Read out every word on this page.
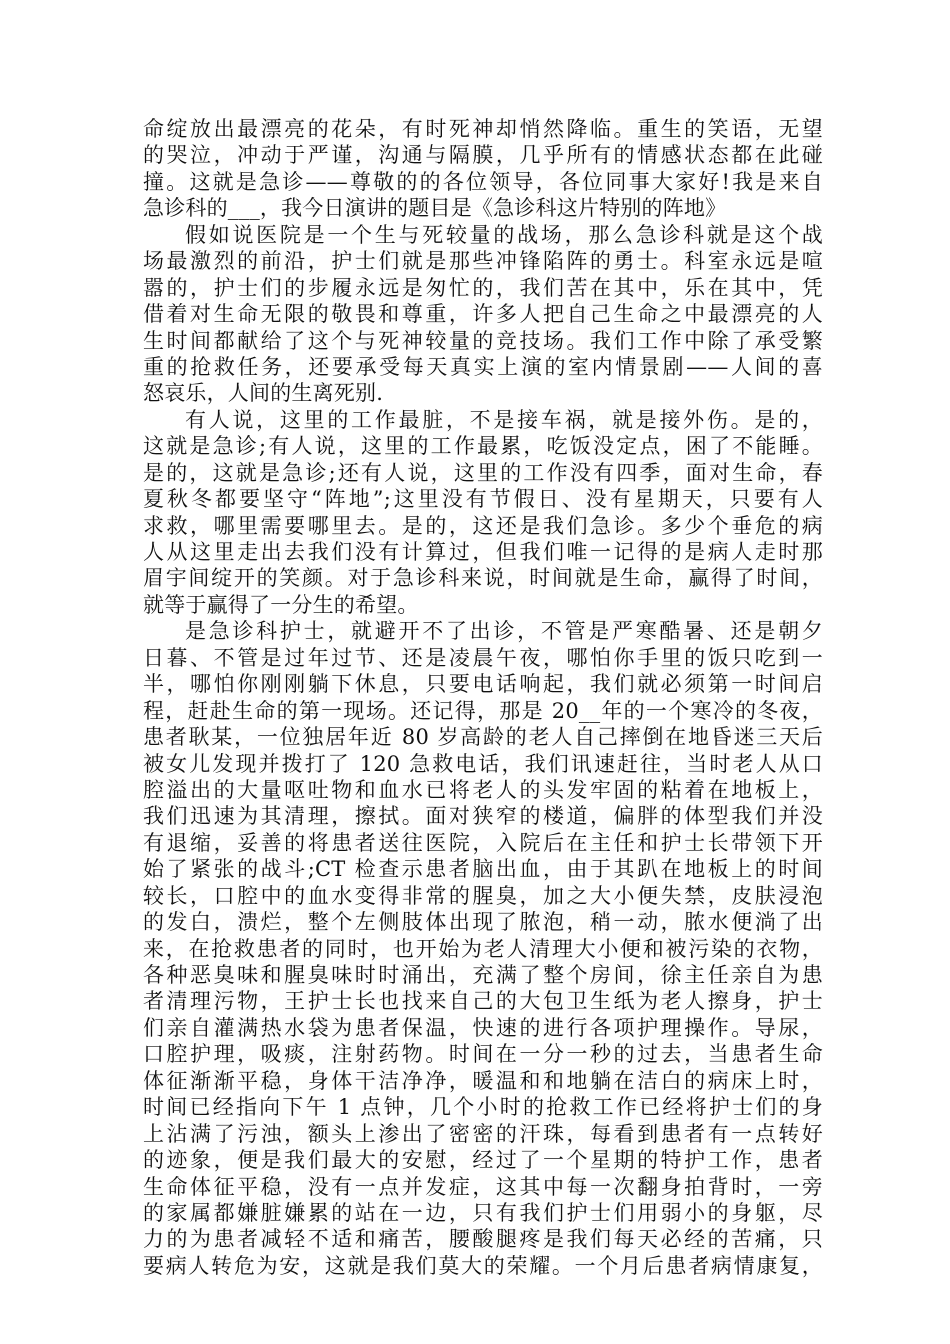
命绽放出最漂亮的花朵，有时死神却悄然降临。重生的笑语，无望
的哭泣，冲动于严谨，沟通与隔膜，几乎所有的情感状态都在此碰
撞。这就是急诊——尊敬的的各位领导，各位同事大家好!我是来自
急诊科的___，我今日演讲的题目是《急诊科这片特别的阵地》
假如说医院是一个生与死较量的战场，那么急诊科就是这个战
场最激烈的前沿，护士们就是那些冲锋陷阵的勇士。科室永远是喧
嚣的，护士们的步履永远是匆忙的，我们苦在其中，乐在其中，凭
借着对生命无限的敬畏和尊重，许多人把自己生命之中最漂亮的人
生时间都献给了这个与死神较量的竞技场。我们工作中除了承受繁
重的抢救任务，还要承受每天真实上演的室内情景剧——人间的喜
怒哀乐，人间的生离死别.
有人说，这里的工作最脏，不是接车祸，就是接外伤。是的，
这就是急诊;有人说，这里的工作最累，吃饭没定点，困了不能睡。
是的，这就是急诊;还有人说，这里的工作没有四季，面对生命，春
夏秋冬都要坚守“阵地”;这里没有节假日、没有星期天，只要有人
求救，哪里需要哪里去。是的，这还是我们急诊。多少个垂危的病
人从这里走出去我们没有计算过，但我们唯一记得的是病人走时那
眉宇间绽开的笑颜。对于急诊科来说，时间就是生命，赢得了时间，
就等于赢得了一分生的希望。
是急诊科护士，就避开不了出诊，不管是严寒酷暑、还是朝夕
日暮、不管是过年过节、还是凌晨午夜，哪怕你手里的饭只吃到一
半，哪怕你刚刚躺下休息，只要电话响起，我们就必须第一时间启
程，赶赴生命的第一现场。还记得，那是 20__年的一个寒冷的冬夜，
患者耿某，一位独居年近 80 岁高龄的老人自己摔倒在地昏迷三天后
被女儿发现并拨打了 120 急救电话，我们讯速赶往，当时老人从口
腔溢出的大量呕吐物和血水已将老人的头发牢固的粘着在地板上，
我们迅速为其清理，擦拭。面对狭窄的楼道，偏胖的体型我们并没
有退缩，妥善的将患者送往医院，入院后在主任和护士长带领下开
始了紧张的战斗;CT 检查示患者脑出血，由于其趴在地板上的时间
较长，口腔中的血水变得非常的腥臭，加之大小便失禁，皮肤浸泡
的发白，溃烂，整个左侧肢体出现了脓泡，稍一动，脓水便淌了出
来，在抢救患者的同时，也开始为老人清理大小便和被污染的衣物，
各种恶臭味和腥臭味时时涌出，充满了整个房间，徐主任亲自为患
者清理污物，王护士长也找来自己的大包卫生纸为老人擦身，护士
们亲自灌满热水袋为患者保温，快速的进行各项护理操作。导尿，
口腔护理，吸痰，注射药物。时间在一分一秒的过去，当患者生命
体征渐渐平稳，身体干洁净净，暖温和和地躺在洁白的病床上时，
时间已经指向下午 1 点钟，几个小时的抢救工作已经将护士们的身
上沾满了污浊，额头上渗出了密密的汗珠，每看到患者有一点转好
的迹象，便是我们最大的安慰，经过了一个星期的特护工作，患者
生命体征平稳，没有一点并发症，这其中每一次翻身拍背时，一旁
的家属都嫌脏嫌累的站在一边，只有我们护士们用弱小的身躯，尽
力的为患者减轻不适和痛苦，腰酸腿疼是我们每天必经的苦痛，只
要病人转危为安，这就是我们莫大的荣耀。一个月后患者病情康复，
